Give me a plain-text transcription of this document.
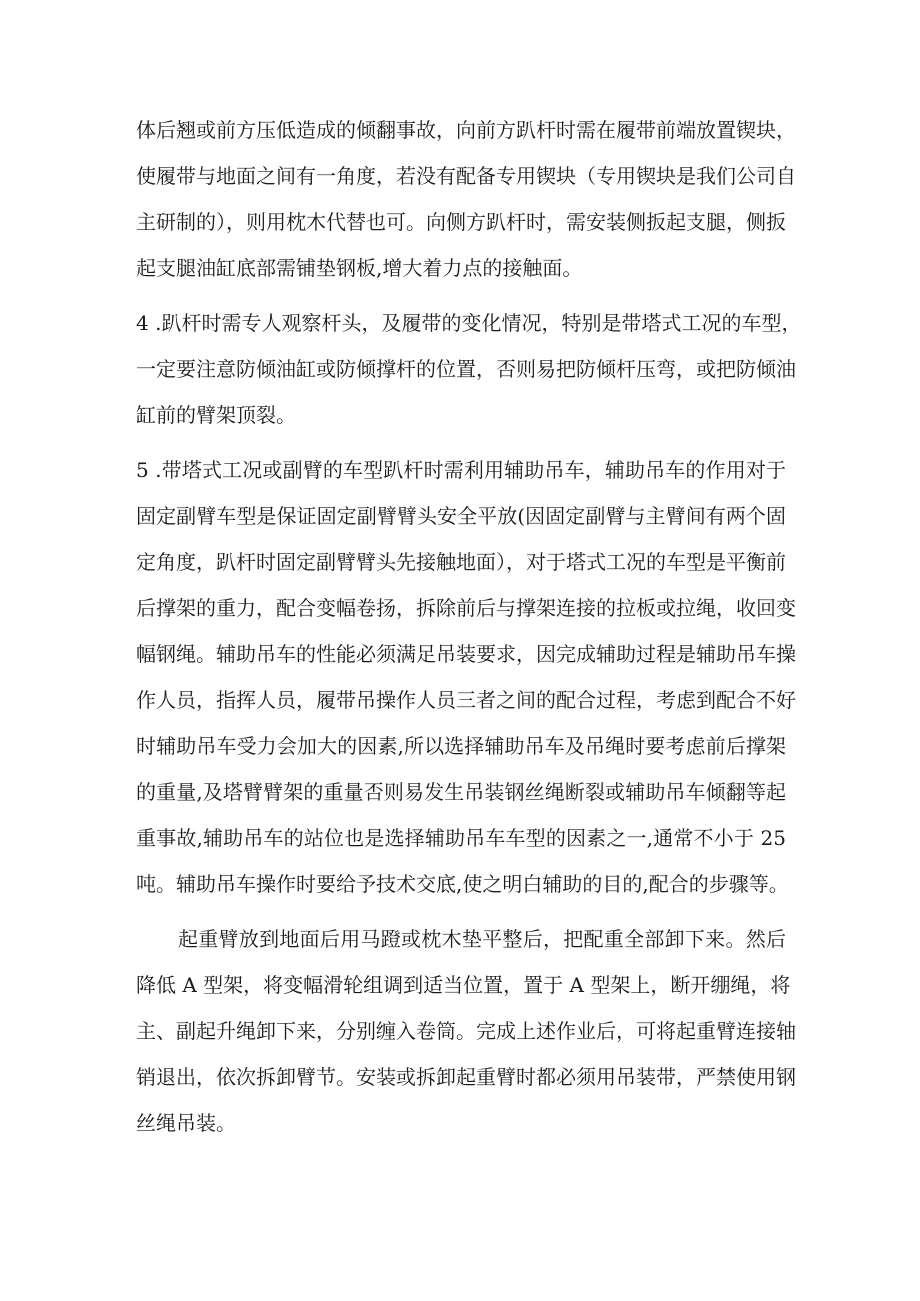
体后翘或前方压低造成的倾翻事故，向前方趴杆时需在履带前端放置锲块，
使履带与地面之间有一角度，若没有配备专用锲块（专用锲块是我们公司自
主研制的），则用枕木代替也可。向侧方趴杆时，需安装侧扳起支腿，侧扳
起支腿油缸底部需铺垫钢板,增大着力点的接触面。
4 .趴杆时需专人观察杆头，及履带的变化情况，特别是带塔式工况的车型，
一定要注意防倾油缸或防倾撑杆的位置，否则易把防倾杆压弯，或把防倾油
缸前的臂架顶裂。
5 .带塔式工况或副臂的车型趴杆时需利用辅助吊车，辅助吊车的作用对于
固定副臂车型是保证固定副臂臂头安全平放(因固定副臂与主臂间有两个固
定角度，趴杆时固定副臂臂头先接触地面），对于塔式工况的车型是平衡前
后撑架的重力，配合变幅卷扬，拆除前后与撑架连接的拉板或拉绳，收回变
幅钢绳。辅助吊车的性能必须满足吊装要求，因完成辅助过程是辅助吊车操
作人员，指挥人员，履带吊操作人员三者之间的配合过程，考虑到配合不好
时辅助吊车受力会加大的因素,所以选择辅助吊车及吊绳时要考虑前后撑架
的重量,及塔臂臂架的重量否则易发生吊装钢丝绳断裂或辅助吊车倾翻等起
重事故,辅助吊车的站位也是选择辅助吊车车型的因素之一,通常不小于 25
吨。辅助吊车操作时要给予技术交底,使之明白辅助的目的,配合的步骤等。
起重臂放到地面后用马蹬或枕木垫平整后，把配重全部卸下来。然后
降低 A 型架，将变幅滑轮组调到适当位置，置于 A 型架上，断开绷绳，将
主、副起升绳卸下来，分别缠入卷筒。完成上述作业后，可将起重臂连接轴
销退出，依次拆卸臂节。安装或拆卸起重臂时都必须用吊装带，严禁使用钢
丝绳吊装。
